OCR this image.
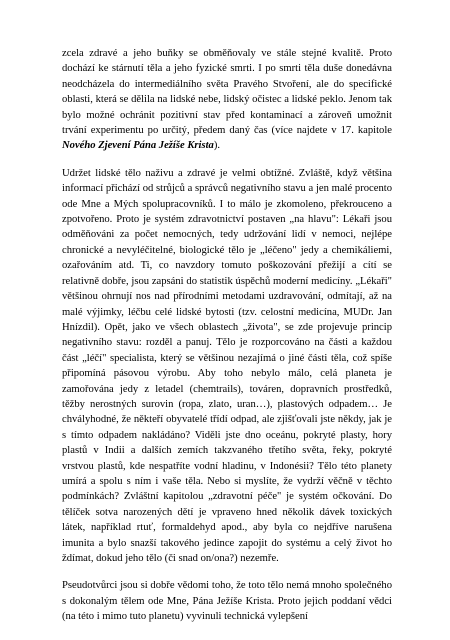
zcela zdravé a jeho buňky se obměňovaly ve stále stejné kvalitě. Proto dochází ke stárnutí těla a jeho fyzické smrti. I po smrti těla duše donedávna neodcházela do intermediálního světa Pravého Stvoření, ale do specifické oblasti, která se dělila na lidské nebe, lidský očistec a lidské peklo. Jenom tak bylo možné ochránit pozitivní stav před kontaminací a zároveň umožnit trvání experimentu po určitý, předem daný čas (více najdete v 17. kapitole Nového Zjevení Pána Ježíše Krista).

Udržet lidské tělo naživu a zdravé je velmi obtížné. Zvláště, když většina informací přichází od strůjců a správců negativního stavu a jen malé procento ode Mne a Mých spolupracovníků. I to málo je zkomoleno, překrouceno a zpotvořeno. Proto je systém zdravotnictví postaven „na hlavu": Lékaři jsou odměňováni za počet nemocných, tedy udržování lidí v nemoci, nejlépe chronické a nevyléčitelné, biologické tělo je „léčeno" jedy a chemikáliemi, ozařováním atd. Ti, co navzdory tomuto poškozování přežijí a cítí se relativně dobře, jsou zapsáni do statistik úspěchů moderní medicíny. „Lékaři" většinou ohrnují nos nad přírodními metodami uzdravování, odmítají, až na malé výjimky, léčbu celé lidské bytosti (tzv. celostní medicína, MUDr. Jan Hnízdil). Opět, jako ve všech oblastech „života", se zde projevuje princip negativního stavu: rozděl a panuj. Tělo je rozporcováno na části a každou část „léčí" specialista, který se většinou nezajímá o jiné části těla, což spíše připomíná pásovou výrobu. Aby toho nebylo málo, celá planeta je zamořována jedy z letadel (chemtrails), továren, dopravních prostředků, těžby nerostných surovin (ropa, zlato, uran…), plastových odpadem… Je chvályhodné, že někteří obyvatelé třídí odpad, ale zjišťovali jste někdy, jak je s tímto odpadem nakládáno? Viděli jste dno oceánu, pokryté plasty, hory plastů v Indii a dalších zemích takzvaného třetího světa, řeky, pokryté vrstvou plastů, kde nespatříte vodní hladinu, v Indonésii? Tělo této planety umírá a spolu s ním i vaše těla. Nebo si myslíte, že vydrží věčně v těchto podmínkách? Zvláštní kapitolou „zdravotní péče" je systém očkování. Do tělíček sotva narozených dětí je vpraveno hned několik dávek toxických látek, například rtuť, formaldehyd apod., aby byla co nejdříve narušena imunita a bylo snazší takového jedince zapojit do systému a celý život ho ždímat, dokud jeho tělo (či snad on/ona?) nezemře.

Pseudotvůrci jsou si dobře vědomi toho, že toto tělo nemá mnoho společného s dokonalým tělem ode Mne, Pána Ježíše Krista. Proto jejich poddaní vědci (na této i mimo tuto planetu) vyvinuli technická vylepšení
